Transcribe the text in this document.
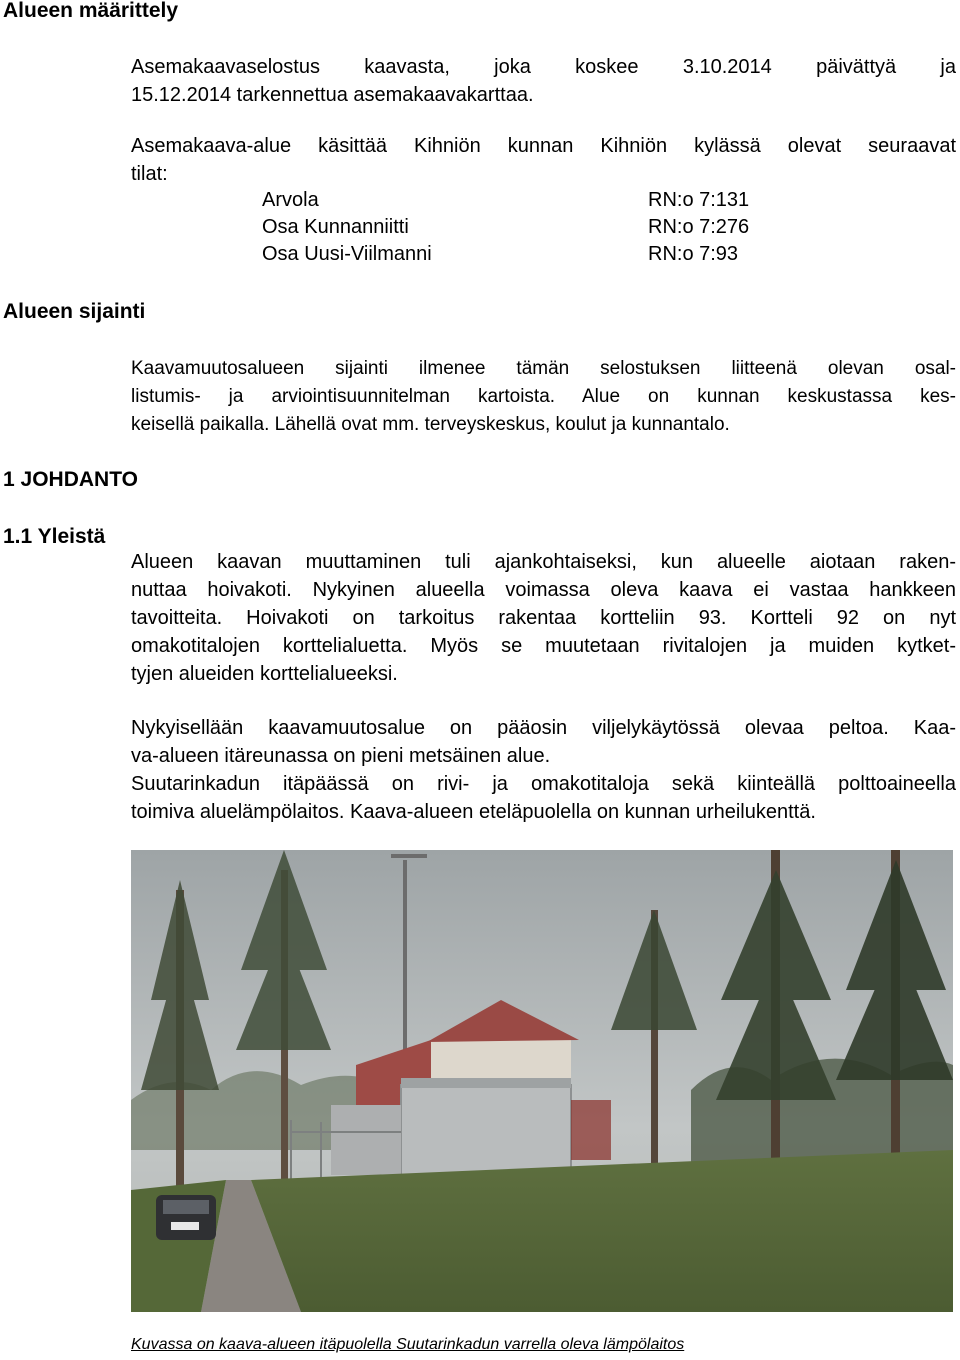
Alueen määrittely
Alueen sijainti
1 JOHDANTO
1.1 Yleistä
Asemakaavaselostus kaavasta, joka koskee 3.10.2014 päivättyä ja
15.12.2014 tarkennettua asemakaavakarttaa.
Asemakaava-alue käsittää Kihniön kunnan Kihniön kylässä olevat seuraavat
tilat:
Arvola	RN:o 7:131
Osa Kunnanniitti	RN:o 7:276
Osa Uusi-Viilmanni	RN:o 7:93
Kaavamuutosalueen sijainti ilmenee tämän selostuksen liitteenä olevan osal-
listumis- ja arviointisuunnitelman kartoista. Alue on kunnan keskustassa kes-
keisellä paikalla. Lähellä ovat mm. terveyskeskus, koulut ja kunnantalo.
Alueen kaavan muuttaminen tuli ajankohtaiseksi, kun alueelle aiotaan raken-
nuttaa hoivakoti. Nykyinen alueella voimassa oleva kaava ei vastaa hankkeen
tavoitteita. Hoivakoti on tarkoitus rakentaa kortteliin 93. Kortteli 92 on nyt
omakotitalojen korttelialuetta. Myös se muutetaan rivitalojen ja muiden kytket-
tyjen alueiden korttelialueeksi.
Nykyisellään kaavamuutosalue on pääosin viljelykäytössä olevaa peltoa. Kaa-
va-alueen itäreunassa on pieni metsäinen alue.
Suutarinkadun itäpäässä on rivi- ja omakotitaloja sekä kiinteällä polttoaineella
toimiva aluelämpölaitos. Kaava-alueen eteläpuolella on kunnan urheilukenttä.
Kuvassa on kaava-alueen itäpuolella Suutarinkadun varrella oleva lämpölaitos
